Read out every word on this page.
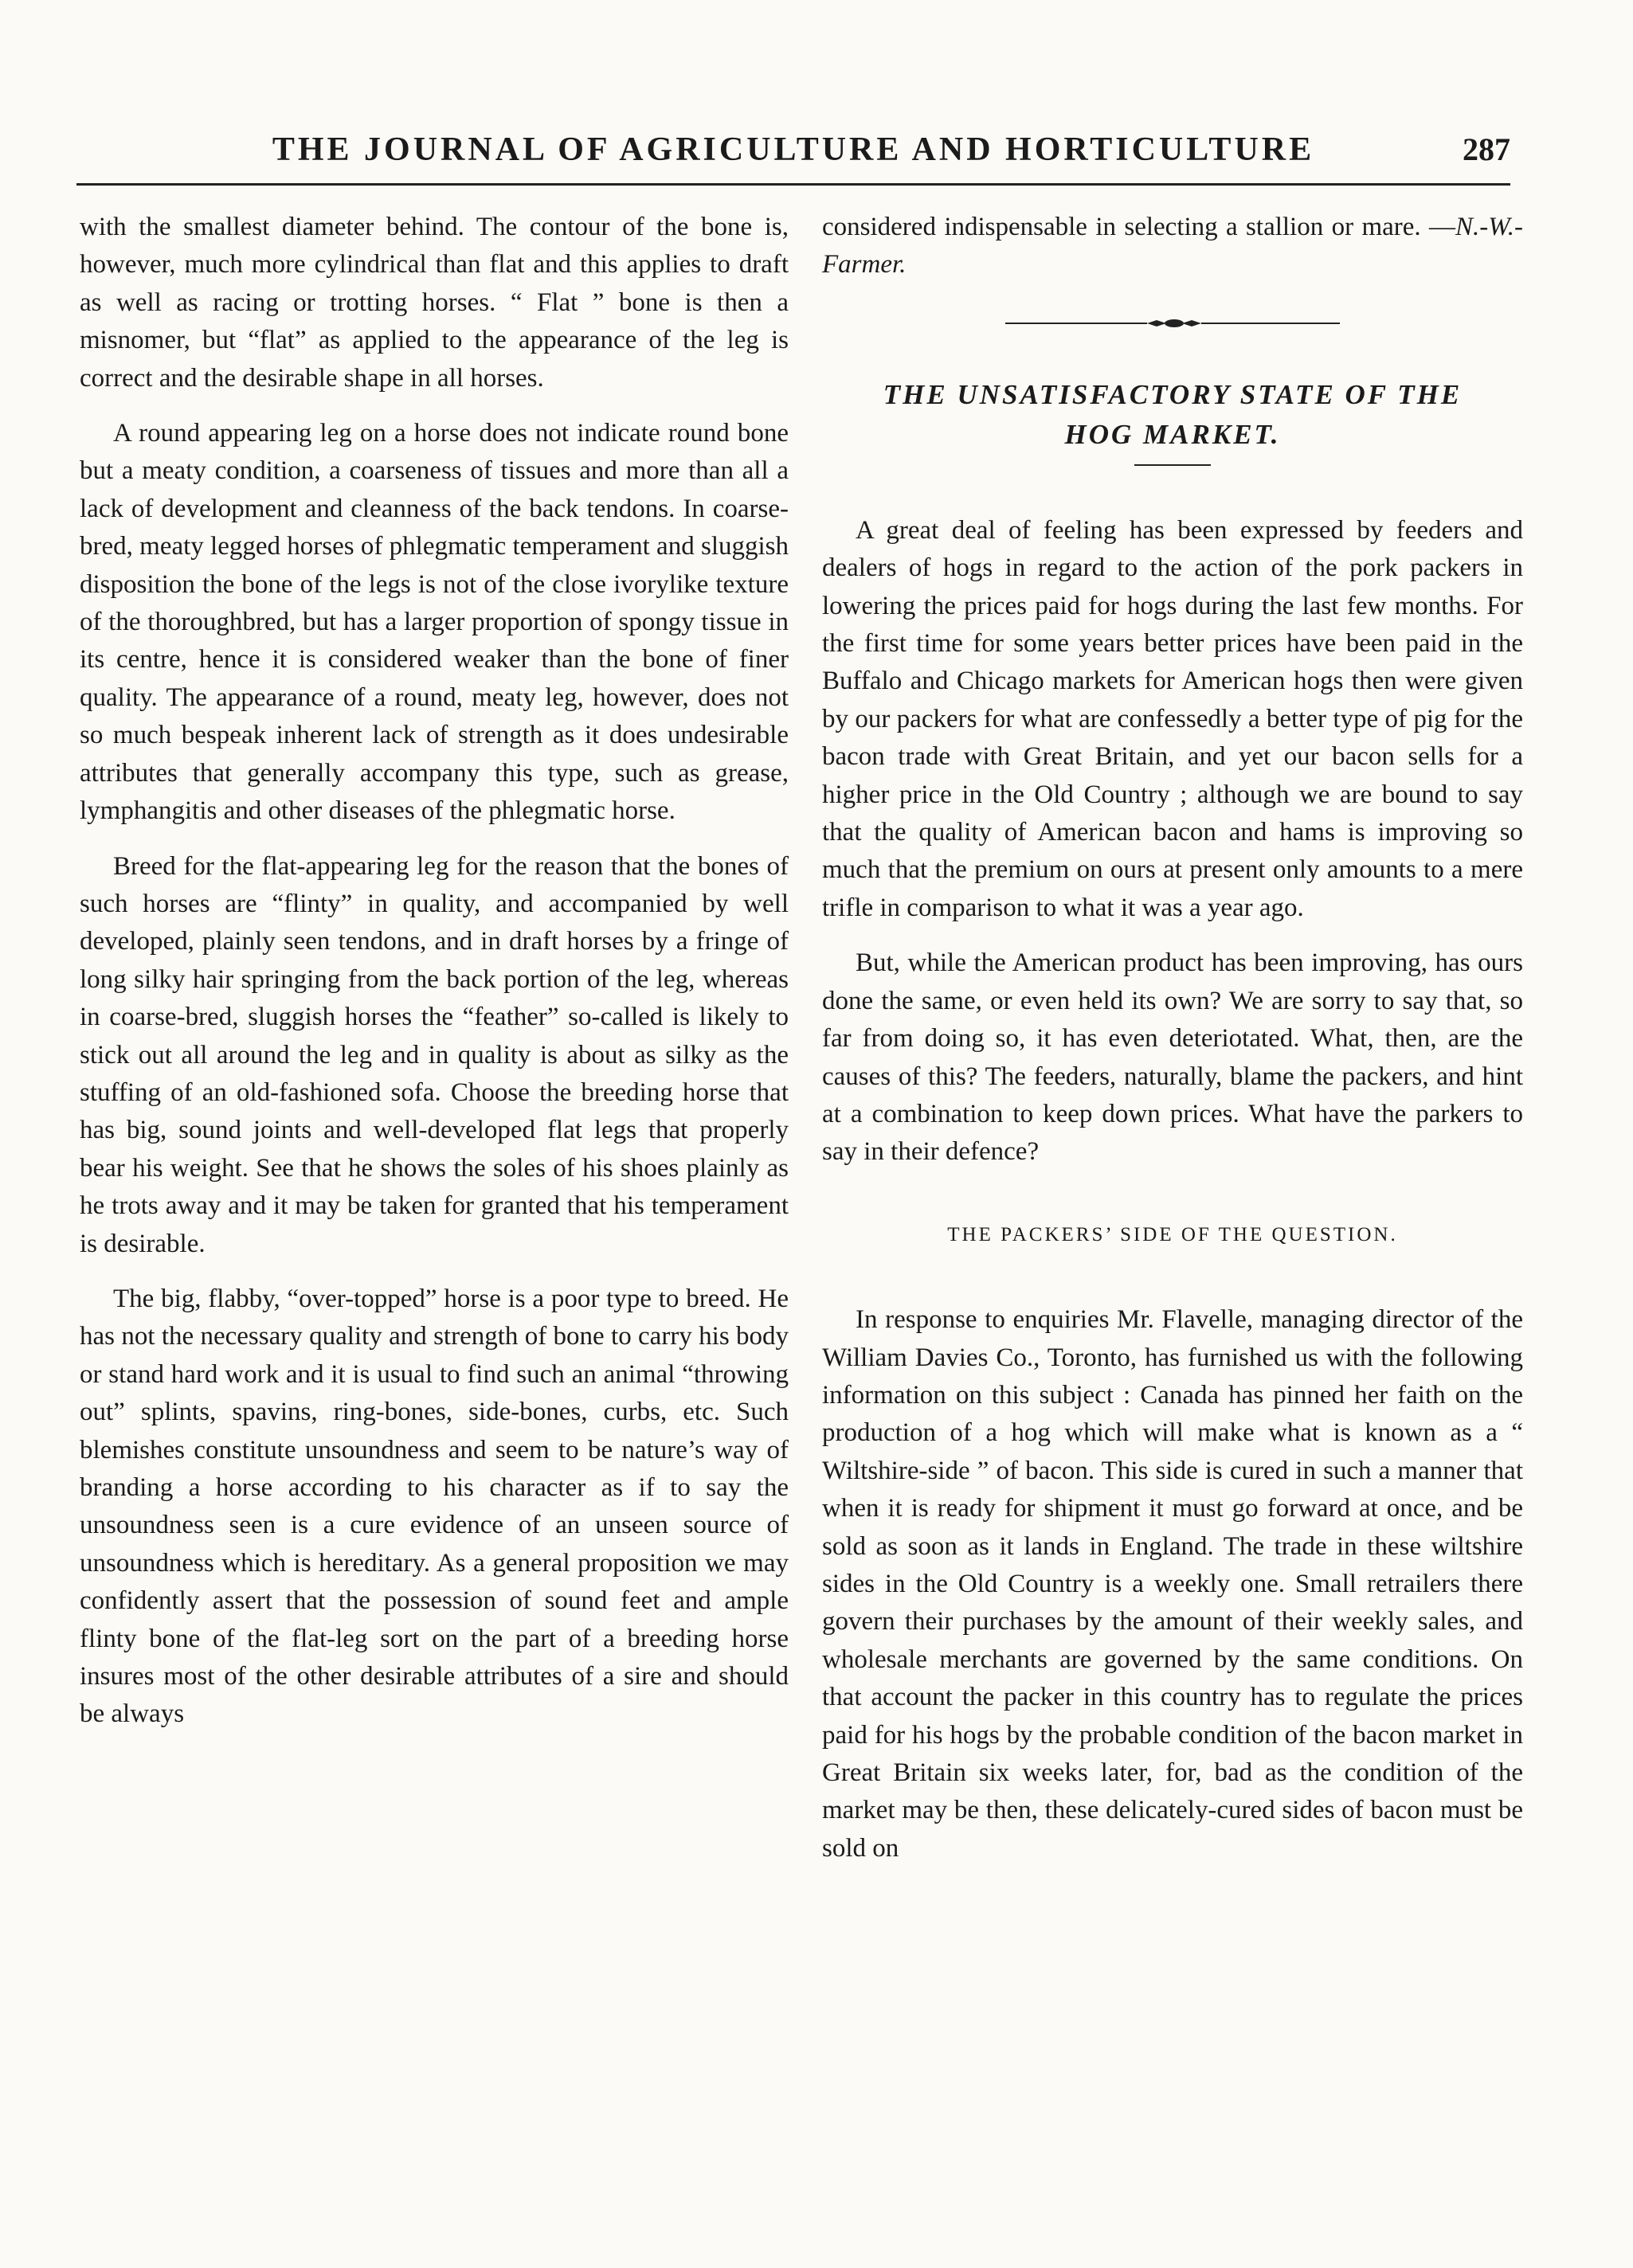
THE JOURNAL OF AGRICULTURE AND HORTICULTURE	287

with the smallest diameter behind. The contour of the bone is, however, much more cylindrical than flat and this applies to draft as well as racing or trotting horses. “ Flat ” bone is then a misnomer, but “flat” as applied to the appearance of the leg is correct and the desirable shape in all horses.

A round appearing leg on a horse does not indicate round bone but a meaty condition, a coarseness of tissues and more than all a lack of development and cleanness of the back tendons. In coarse-bred, meaty legged horses of phlegmatic temperament and sluggish disposition the bone of the legs is not of the close ivorylike texture of the thoroughbred, but has a larger proportion of spongy tissue in its centre, hence it is considered weaker than the bone of finer quality. The appearance of a round, meaty leg, however, does not so much bespeak inherent lack of strength as it does undesirable attributes that generally accompany this type, such as grease, lymphangitis and other diseases of the phlegmatic horse.

Breed for the flat-appearing leg for the reason that the bones of such horses are “flinty” in quality, and accompanied by well developed, plainly seen tendons, and in draft horses by a fringe of long silky hair springing from the back portion of the leg, whereas in coarse-bred, sluggish horses the “feather” so-called is likely to stick out all around the leg and in quality is about as silky as the stuffing of an old-fashioned sofa. Choose the breeding horse that has big, sound joints and well-developed flat legs that properly bear his weight. See that he shows the soles of his shoes plainly as he trots away and it may be taken for granted that his temperament is desirable.

The big, flabby, “over-topped” horse is a poor type to breed. He has not the necessary quality and strength of bone to carry his body or stand hard work and it is usual to find such an animal “throwing out” splints, spavins, ring-bones, side-bones, curbs, etc. Such blemishes constitute unsoundness and seem to be nature’s way of branding a horse according to his character as if to say the unsoundness seen is a cure evidence of an unseen source of unsoundness which is hereditary. As a general proposition we may confidently assert that the possession of sound feet and ample flinty bone of the flat-leg sort on the part of a breeding horse insures most of the other desirable attributes of a sire and should be always

considered indispensable in selecting a stallion or mare. —N.-W.-Farmer.

THE UNSATISFACTORY STATE OF THE
HOG MARKET.

A great deal of feeling has been expressed by feeders and dealers of hogs in regard to the action of the pork packers in lowering the prices paid for hogs during the last few months. For the first time for some years better prices have been paid in the Buffalo and Chicago markets for American hogs then were given by our packers for what are confessedly a better type of pig for the bacon trade with Great Britain, and yet our bacon sells for a higher price in the Old Country ; although we are bound to say that the quality of American bacon and hams is improving so much that the premium on ours at present only amounts to a mere trifle in comparison to what it was a year ago.

But, while the American product has been improving, has ours done the same, or even held its own? We are sorry to say that, so far from doing so, it has even deteriotated. What, then, are the causes of this? The feeders, naturally, blame the packers, and hint at a combination to keep down prices. What have the parkers to say in their defence?

THE PACKERS’ SIDE OF THE QUESTION.

In response to enquiries Mr. Flavelle, managing director of the William Davies Co., Toronto, has furnished us with the following information on this subject : Canada has pinned her faith on the production of a hog which will make what is known as a “ Wiltshire-side ” of bacon. This side is cured in such a manner that when it is ready for shipment it must go forward at once, and be sold as soon as it lands in England. The trade in these wiltshire sides in the Old Country is a weekly one. Small retrailers there govern their purchases by the amount of their weekly sales, and wholesale merchants are governed by the same conditions. On that account the packer in this country has to regulate the prices paid for his hogs by the probable condition of the bacon market in Great Britain six weeks later, for, bad as the condition of the market may be then, these delicately-cured sides of bacon must be sold on
